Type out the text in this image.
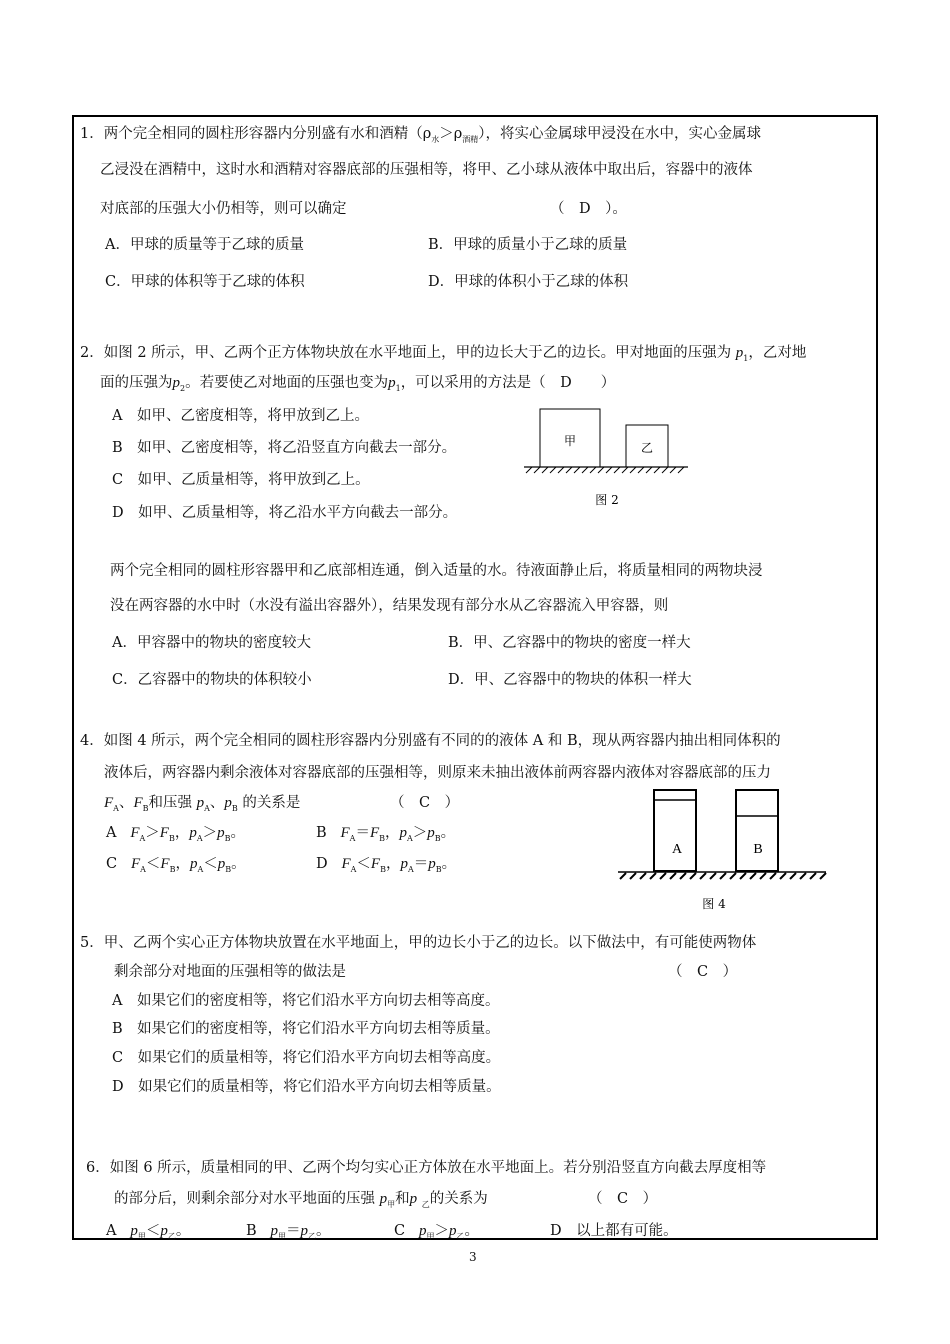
1．两个完全相同的圆柱形容器内分别盛有水和酒精$(\rho_水>\rho_{酒精})$，将实心金属球甲浸没在水中，实心金属球
乙浸没在酒精中，这时水和酒精对容器底部的压强相等，将甲、乙小球从液体中取出后，容器中的液体
对底部的压强大小仍相等，则可以确定	（　D　）。
A．甲球的质量等于乙球的质量	B．甲球的质量小于乙球的质量
C．甲球的体积等于乙球的体积	D．甲球的体积小于乙球的体积
2．如图 2 所示，甲、乙两个正方体物块放在水平地面上，甲的边长大于乙的边长。甲对地面的压强为 $p_1$，乙对地
面的压强为$p_2$。若要使乙对地面的压强也变为$p_1$，可以采用的方法是（　D　　）
A　如甲、乙密度相等，将甲放到乙上。
B　如甲、乙密度相等，将乙沿竖直方向截去一部分。
C　如甲、乙质量相等，将甲放到乙上。
D　如甲、乙质量相等，将乙沿水平方向截去一部分。
甲	乙
图 2
两个完全相同的圆柱形容器甲和乙底部相连通，倒入适量的水。待液面静止后，将质量相同的两物块浸
没在两容器的水中时（水没有溢出容器外），结果发现有部分水从乙容器流入甲容器，则
A．甲容器中的物块的密度较大	B．甲、乙容器中的物块的密度一样大
C．乙容器中的物块的体积较小	D．甲、乙容器中的物块的体积一样大
4．如图 4 所示，两个完全相同的圆柱形容器内分别盛有不同的的液体 A 和 B，现从两容器内抽出相同体积的
液体后，两容器内剩余液体对容器底部的压强相等，则原来未抽出液体前两容器内液体对容器底部的压力
$F_A$、$F_B$和压强 $p_A$、$p_B$ 的关系是	（　C　）
A $F_A>F_B$，$p_A>p_B$。	B $F_A=F_B$，$p_A>p_B$。
C $F_A<F_B$，$p_A<p_B$。	D $F_A<F_B$，$p_A=p_B$。
A	B
图 4
5．甲、乙两个实心正方体物块放置在水平地面上，甲的边长小于乙的边长。以下做法中，有可能使两物体
剩余部分对地面的压强相等的做法是	（　C　）
A　如果它们的密度相等，将它们沿水平方向切去相等高度。
B　如果它们的密度相等，将它们沿水平方向切去相等质量。
C　如果它们的质量相等，将它们沿水平方向切去相等高度。
D　如果它们的质量相等，将它们沿水平方向切去相等质量。
6．如图 6 所示，质量相同的甲、乙两个均匀实心正方体放在水平地面上。若分别沿竖直方向截去厚度相等
的部分后，则剩余部分对水平地面的压强 $p_甲$和p $_乙$的关系为	（　C　）
A $p_甲<p_乙$。	B $p_甲=p_乙$。	C $p_甲>p_乙$。	D　以上都有可能。
3
